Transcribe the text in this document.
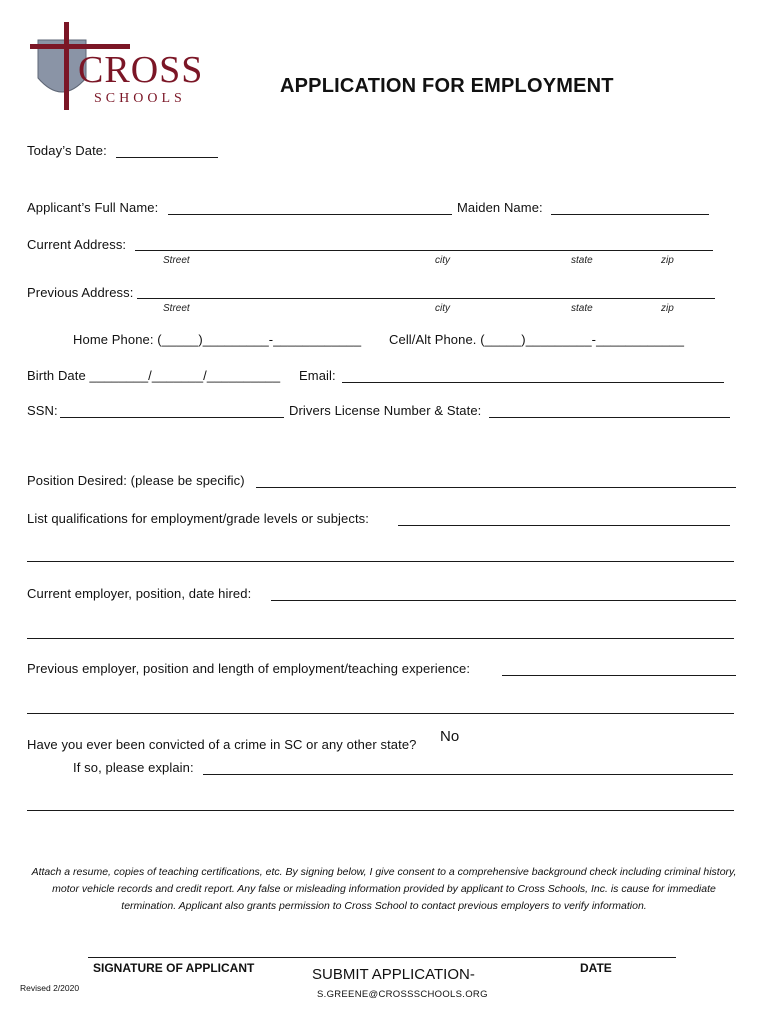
CROSS
SCHOOLS
APPLICATION FOR EMPLOYMENT
Today’s Date:
Applicant’s Full Name:	Maiden Name:
Current Address:
Street	city	state	zip
Previous Address:
Street	city	state	zip
Home Phone: (_____)_________-____________ Cell/Alt Phone. (_____)_________-____________
Birth Date ________/_______/__________ Email:
SSN:	Drivers License Number & State:
Position Desired: (please be specific)
List qualifications for employment/grade levels or subjects:
Current employer, position, date hired:
Previous employer, position and length of employment/teaching experience:
Have you ever been convicted of a crime in SC or any other state? No
If so, please explain:
Attach a resume, copies of teaching certifications, etc. By signing below, I give consent to a comprehensive background check including criminal history, motor vehicle records and credit report. Any false or misleading information provided by applicant to Cross Schools, Inc. is cause for immediate termination. Applicant also grants permission to Cross School to contact previous employers to verify information.
SIGNATURE OF APPLICANT	DATE
SUBMIT APPLICATION-
S.GREENE@CROSSSCHOOLS.ORG
Revised 2/2020
